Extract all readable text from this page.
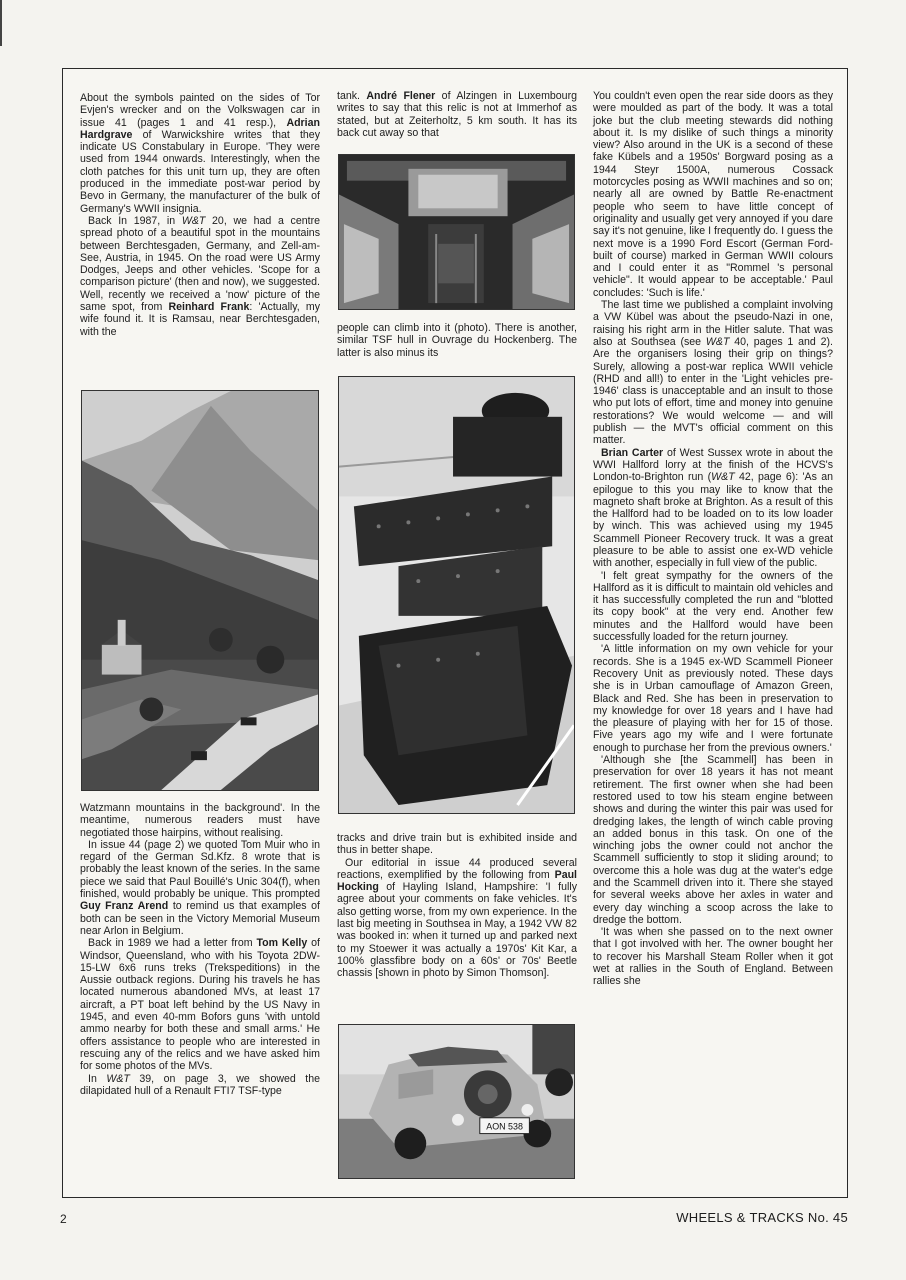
About the symbols painted on the sides of Tor Evjen's wrecker and on the Volkswagen car in issue 41 (pages 1 and 41 resp.), Adrian Hardgrave of Warwickshire writes that they indicate US Constabulary in Europe. 'They were used from 1944 onwards. Interestingly, when the cloth patches for this unit turn up, they are often produced in the immediate post-war period by Bevo in Germany, the manufacturer of the bulk of Germany's WWII insignia.

Back In 1987, in W&T 20, we had a centre spread photo of a beautiful spot in the mountains between Berchtesgaden, Germany, and Zell-am-See, Austria, in 1945. On the road were US Army Dodges, Jeeps and other vehicles. 'Scope for a comparison picture' (then and now), we suggested. Well, recently we received a 'now' picture of the same spot, from Reinhard Frank: 'Actually, my wife found it. It is Ramsau, near Berchtesgaden, with the

Watzmann mountains in the background'. In the meantime, numerous readers must have negotiated those hairpins, without realising.

In issue 44 (page 2) we quoted Tom Muir who in regard of the German Sd.Kfz. 8 wrote that is probably the least known of the series. In the same piece we said that Paul Bouillé's Unic 304(f), when finished, would probably be unique. This prompted Guy Franz Arend to remind us that examples of both can be seen in the Victory Memorial Museum near Arlon in Belgium.

Back in 1989 we had a letter from Tom Kelly of Windsor, Queensland, who with his Toyota 2DW-15-LW 6x6 runs treks (Trekspeditions) in the Aussie outback regions. During his travels he has located numerous abandoned MVs, at least 17 aircraft, a PT boat left behind by the US Navy in 1945, and even 40-mm Bofors guns 'with untold ammo nearby for both these and small arms.' He offers assistance to people who are interested in rescuing any of the relics and we have asked him for some photos of the MVs.

In W&T 39, on page 3, we showed the dilapidated hull of a Renault FTI7 TSF-type

tank. André Flener of Alzingen in Luxembourg writes to say that this relic is not at Immerhof as stated, but at Zeiterholtz, 5 km south. It has its back cut away so that

people can climb into it (photo). There is another, similar TSF hull in Ouvrage du Hockenberg. The latter is also minus its

tracks and drive train but is exhibited inside and thus in better shape.

Our editorial in issue 44 produced several reactions, exemplified by the following from Paul Hocking of Hayling Island, Hampshire: 'I fully agree about your comments on fake vehicles. It's also getting worse, from my own experience. In the last big meeting in Southsea in May, a 1942 VW 82 was booked in: when it turned up and parked next to my Stoewer it was actually a 1970s' Kit Kar, a 100% glassfibre body on a 60s' or 70s' Beetle chassis [shown in photo by Simon Thomson].

AON 538

You couldn't even open the rear side doors as they were moulded as part of the body. It was a total joke but the club meeting stewards did nothing about it. Is my dislike of such things a minority view? Also around in the UK is a second of these fake Kübels and a 1950s' Borgward posing as a 1944 Steyr 1500A, numerous Cossack motorcycles posing as WWII machines and so on; nearly all are owned by Battle Re-enactment people who seem to have little concept of originality and usually get very annoyed if you dare say it's not genuine, like I frequently do. I guess the next move is a 1990 Ford Escort (German Ford-built of course) marked in German WWII colours and I could enter it as "Rommel 's personal vehicle". It would appear to be acceptable.' Paul concludes: 'Such is life.'

The last time we published a complaint involving a VW Kübel was about the pseudo-Nazi in one, raising his right arm in the Hitler salute. That was also at Southsea (see W&T 40, pages 1 and 2). Are the organisers losing their grip on things? Surely, allowing a post-war replica WWII vehicle (RHD and all!) to enter in the 'Light vehicles pre-1946' class is unacceptable and an insult to those who put lots of effort, time and money into genuine restorations? We would welcome — and will publish — the MVT's official comment on this matter.

Brian Carter of West Sussex wrote in about the WWI Hallford lorry at the finish of the HCVS's London-to-Brighton run (W&T 42, page 6): 'As an epilogue to this you may like to know that the magneto shaft broke at Brighton. As a result of this the Hallford had to be loaded on to its low loader by winch. This was achieved using my 1945 Scammell Pioneer Recovery truck. It was a great pleasure to be able to assist one ex-WD vehicle with another, especially in full view of the public.

'I felt great sympathy for the owners of the Hallford as it is difficult to maintain old vehicles and it has successfully completed the run and "blotted its copy book" at the very end. Another few minutes and the Hallford would have been successfully loaded for the return journey.

'A little information on my own vehicle for your records. She is a 1945 ex-WD Scammell Pioneer Recovery Unit as previously noted. These days she is in Urban camouflage of Amazon Green, Black and Red. She has been in preservation to my knowledge for over 18 years and I have had the pleasure of playing with her for 15 of those. Five years ago my wife and I were fortunate enough to purchase her from the previous owners.'

'Although she [the Scammell] has been in preservation for over 18 years it has not meant retirement. The first owner when she had been restored used to tow his steam engine between shows and during the winter this pair was used for dredging lakes, the length of winch cable proving an added bonus in this task. On one of the winching jobs the owner could not anchor the Scammell sufficiently to stop it sliding around; to overcome this a hole was dug at the water's edge and the Scammell driven into it. There she stayed for several weeks above her axles in water and every day winching a scoop across the lake to dredge the bottom.

'It was when she passed on to the next owner that I got involved with her. The owner bought her to recover his Marshall Steam Roller when it got wet at rallies in the South of England. Between rallies she

2	WHEELS & TRACKS No. 45
